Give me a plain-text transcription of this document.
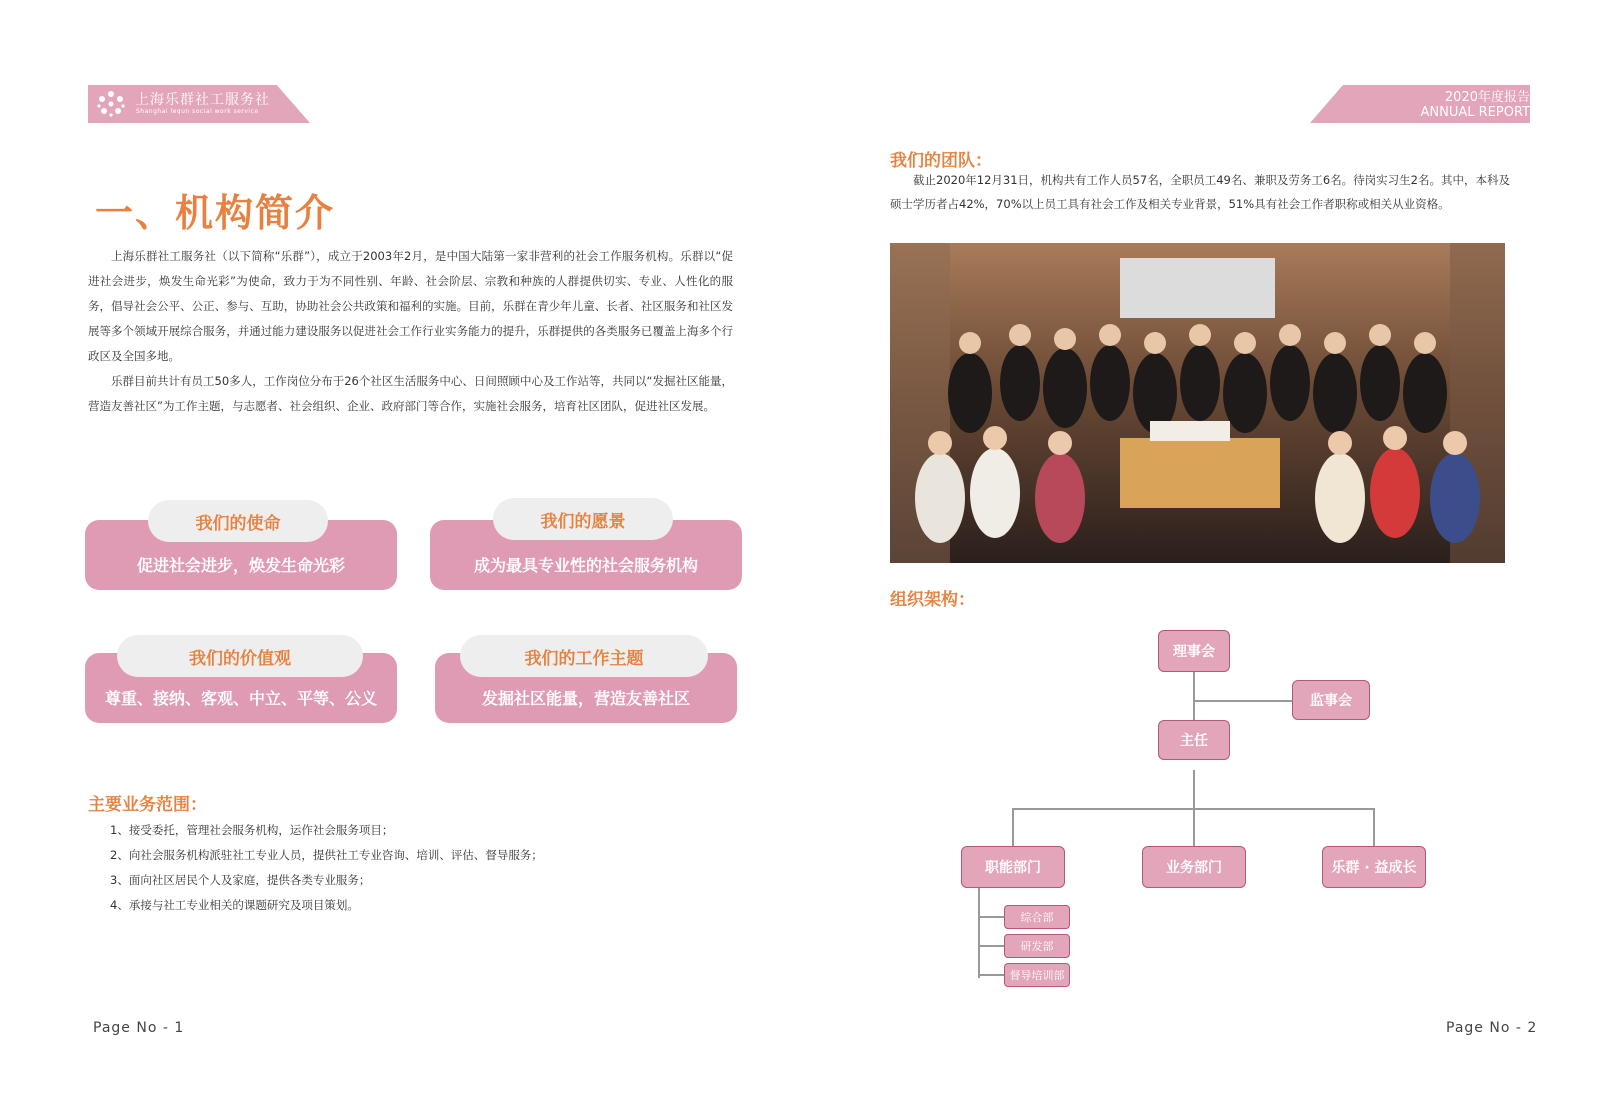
上海乐群社工服务社
Shanghai lequn social work service
2020年度报告
ANNUAL REPORT
一、机构简介

上海乐群社工服务社（以下简称“乐群”），成立于2003年2月，是中国大陆第一家非营利的社会工作服务机构。乐群以“促进社会进步，焕发生命光彩”为使命，致力于为不同性别、年龄、社会阶层、宗教和种族的人群提供切实、专业、人性化的服务，倡导社会公平、公正、参与、互助，协助社会公共政策和福利的实施。目前，乐群在青少年儿童、长者、社区服务和社区发展等多个领域开展综合服务，并通过能力建设服务以促进社会工作行业实务能力的提升，乐群提供的各类服务已覆盖上海多个行政区及全国多地。

乐群目前共计有员工50多人，工作岗位分布于26个社区生活服务中心、日间照顾中心及工作站等，共同以“发掘社区能量，营造友善社区”为工作主题，与志愿者、社会组织、企业、政府部门等合作，实施社会服务，培育社区团队，促进社区发展。

促进社会进步，焕发生命光彩
我们的使命
成为最具专业性的社会服务机构
我们的愿景
尊重、接纳、客观、中立、平等、公义
我们的价值观
发掘社区能量，营造友善社区
我们的工作主题
主要业务范围：
1、接受委托，管理社会服务机构，运作社会服务项目；
2、向社会服务机构派驻社工专业人员，提供社工专业咨询、培训、评估、督导服务；
3、面向社区居民个人及家庭，提供各类专业服务；
4、承接与社工专业相关的课题研究及项目策划。
Page No - 1
我们的团队：

截止2020年12月31日，机构共有工作人员57名，全职员工49名、兼职及劳务工6名。待岗实习生2名。其中，本科及硕士学历者占42%，70%以上员工具有社会工作及相关专业背景，51%具有社会工作者职称或相关从业资格。

组织架构：
理事会
监事会
主任
职能部门	业务部门	乐群 · 益成长
综合部
研发部
督导培训部
Page No - 2
